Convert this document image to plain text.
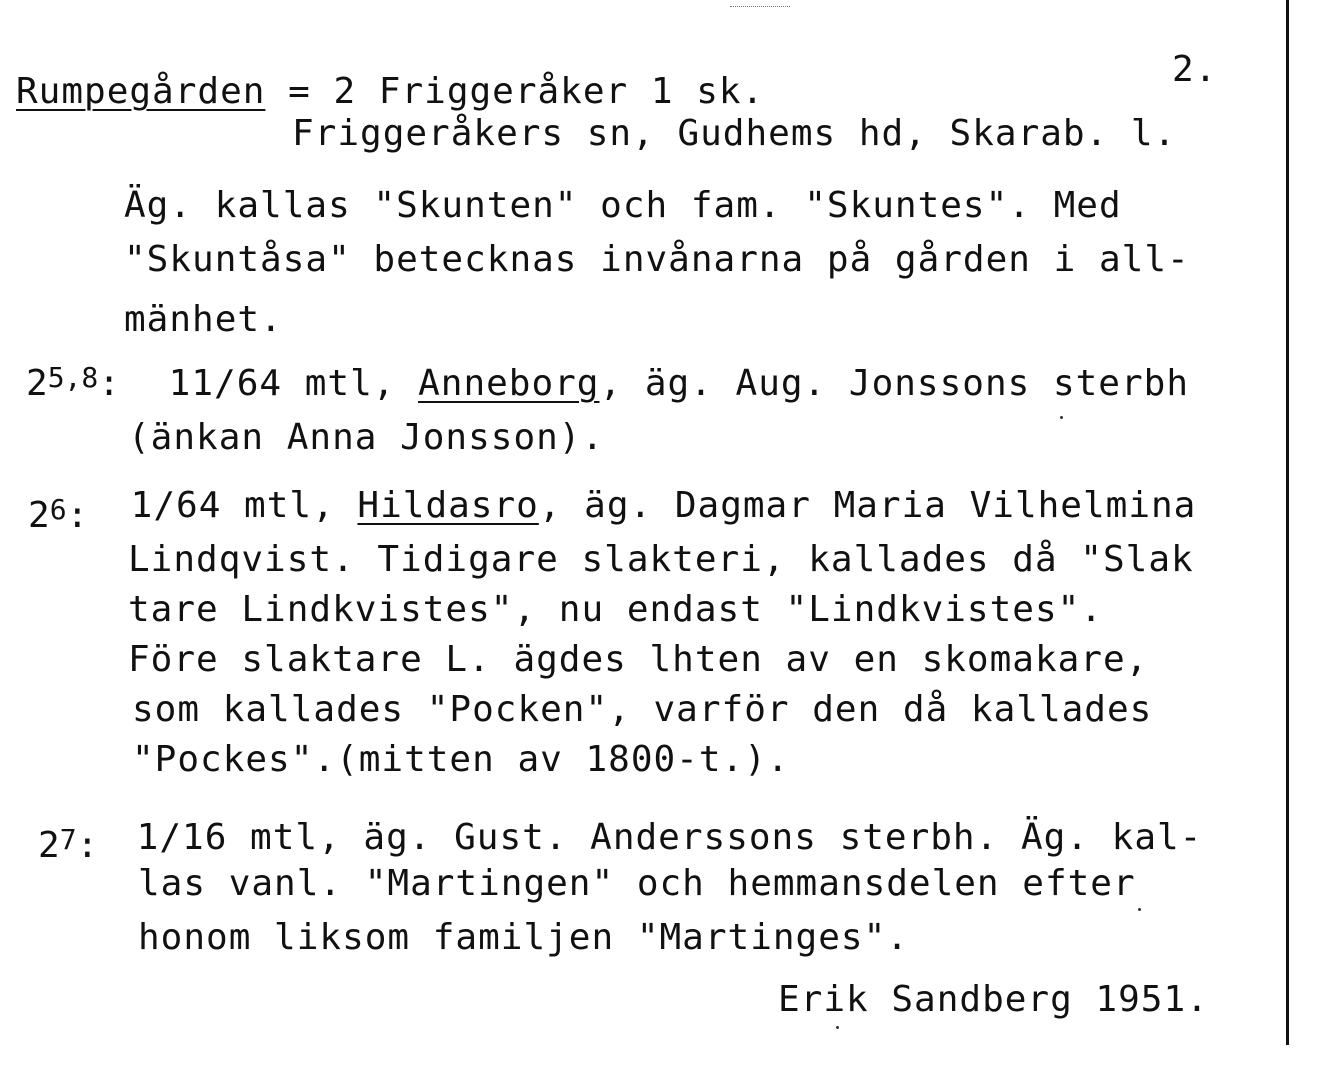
Rumpegården = 2 Friggeråker 1 sk.
2.
Friggeråkers sn, Gudhems hd, Skarab. l.
Äg. kallas "Skunten" och fam. "Skuntes". Med
"Skuntåsa" betecknas invånarna på gården i all-
mänhet.
2$^{5,8}$: 11/64 mtl, Anneborg, äg. Aug. Jonssons sterbh
(änkan Anna Jonsson).
$2^6$: 1/64 mtl, Hildasro, äg. Dagmar Maria Vilhelmina
Lindqvist. Tidigare slakteri, kallades då "Slak
tare Lindkvistes", nu endast "Lindkvistes".
Före slaktare L. ägdes lhten av en skomakare,
som kallades "Pocken", varför den då kallades
"Pockes".(mitten av 1800-t.).
$2^7$: 1/16 mtl, äg. Gust. Anderssons sterbh. Äg. kal-
las vanl. "Martingen" och hemmansdelen efter
honom liksom familjen "Martinges".
Erik Sandberg 1951.
